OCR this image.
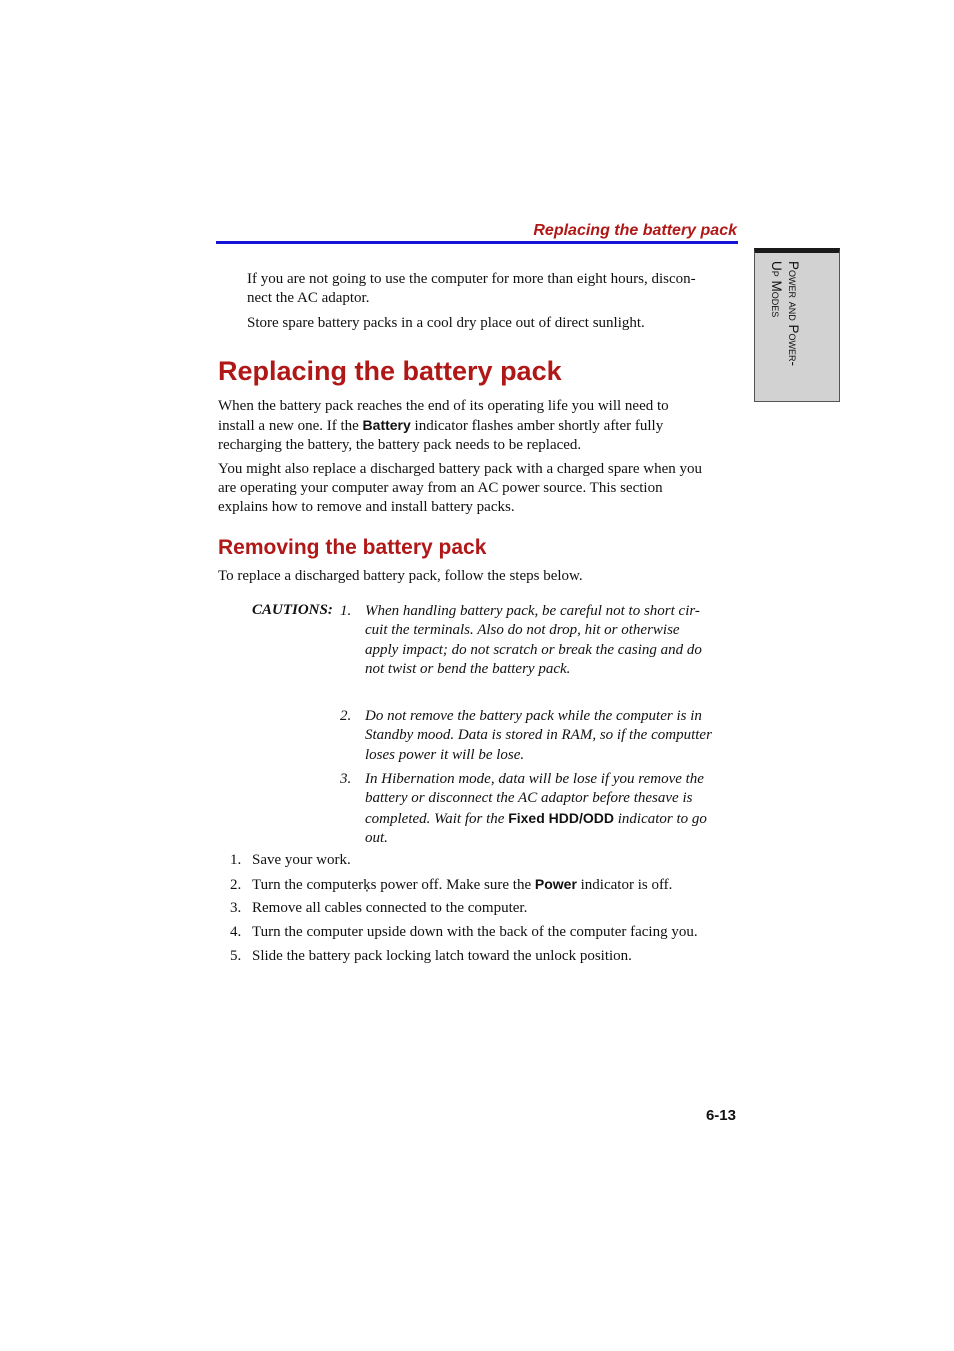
Replacing the battery pack
Power and Power-
Up Modes
If you are not going to use the computer for more than eight hours, discon-
nect the AC adaptor.
Store spare battery packs in a cool dry place out of direct sunlight.
Replacing the battery pack
When the battery pack reaches the end of its operating life you will need to
install a new one. If the Battery indicator flashes amber shortly after fully
recharging the battery, the battery pack needs to be replaced.
You might also replace a discharged battery pack with a charged spare when you
are operating your computer away from an AC power source. This section
explains how to remove and install battery packs.
Removing the battery pack
To replace a discharged battery pack, follow the steps below.
CAUTIONS: 1. When handling battery pack, be careful not to short cir-
cuit the terminals. Also do not drop, hit or otherwise
apply impact; do not scratch or break the casing and do
not twist or bend the battery pack.
2. Do not remove the battery pack while the computer is in
Standby mood. Data is stored in RAM, so if the computter
loses power it will be lose.
3. In Hibernation mode, data will be lose if you remove the
battery or disconnect the AC adaptor before thesave is
completed. Wait for the Fixed HDD/ODD indicator to go
out.
1. Save your work.
2. Turn the computerķs power off. Make sure the Power indicator is off.
3. Remove all cables connected to the computer.
4. Turn the computer upside down with the back of the computer facing you.
5. Slide the battery pack locking latch toward the unlock position.
6-13
